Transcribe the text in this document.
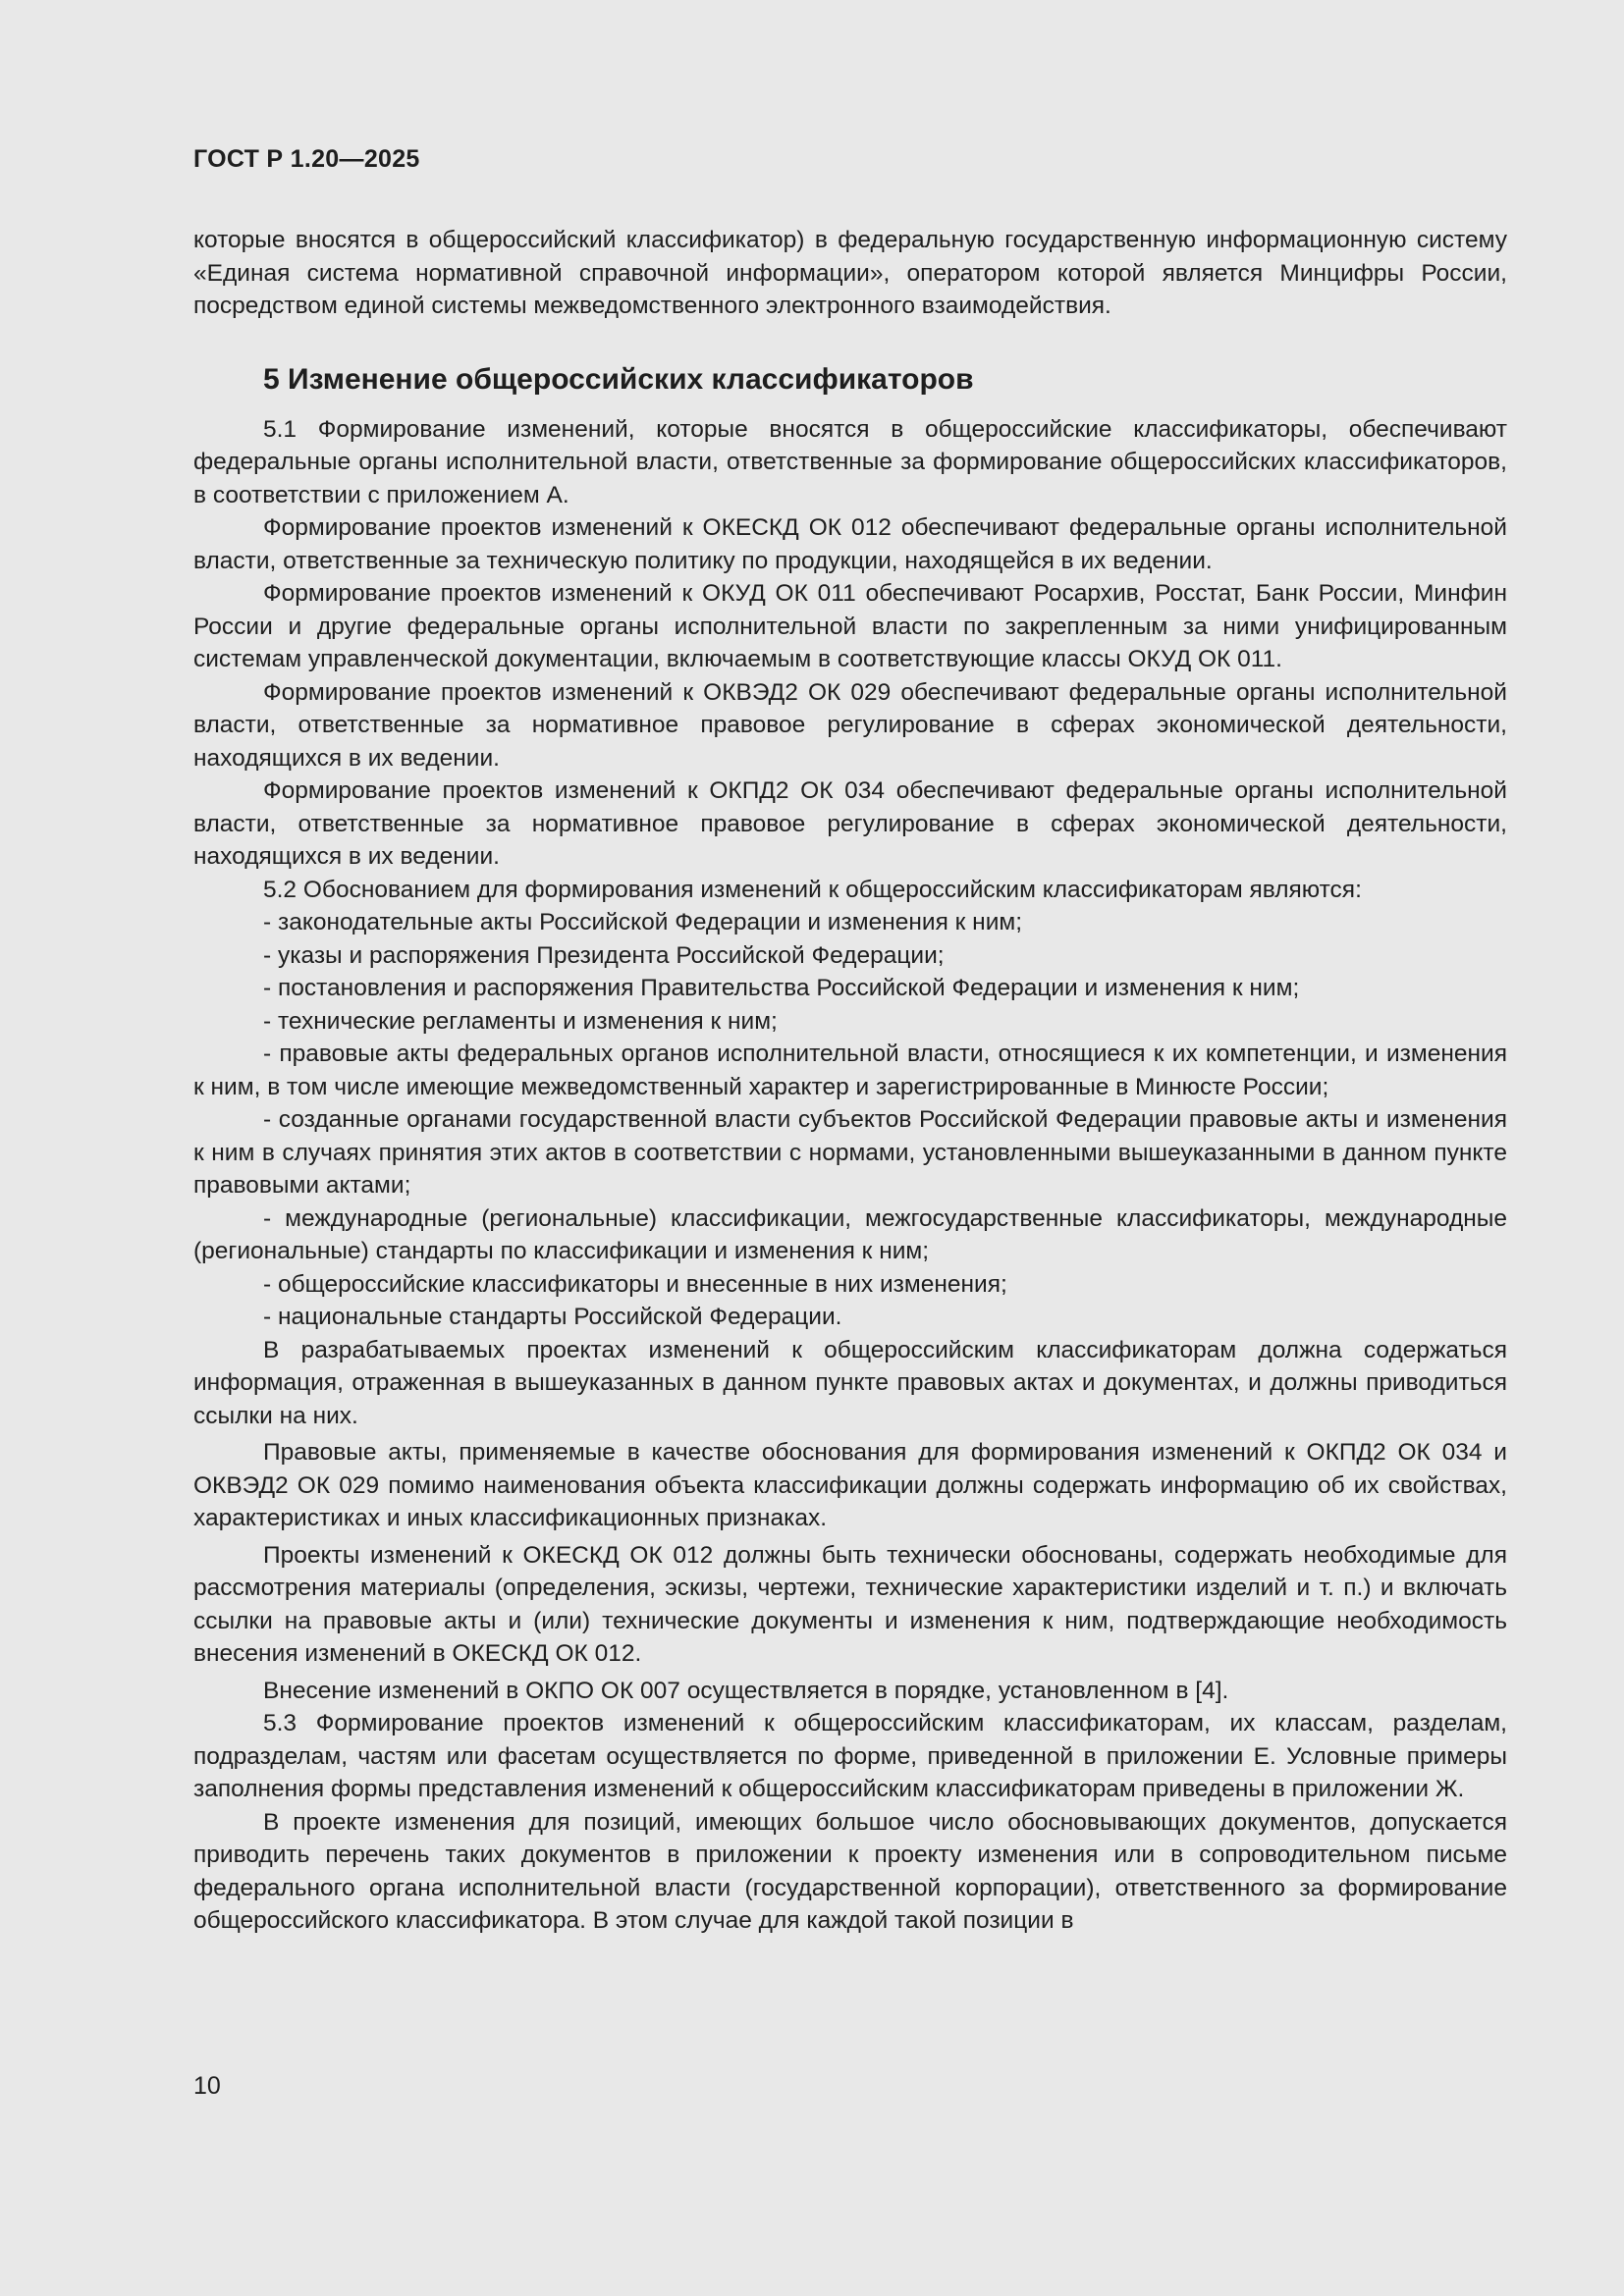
ГОСТ Р 1.20—2025

которые вносятся в общероссийский классификатор) в федеральную государственную информационную систему «Единая система нормативной справочной информации», оператором которой является Минцифры России, посредством единой системы межведомственного электронного взаимодействия.

5 Изменение общероссийских классификаторов

5.1 Формирование изменений, которые вносятся в общероссийские классификаторы, обеспечивают федеральные органы исполнительной власти, ответственные за формирование общероссийских классификаторов, в соответствии с приложением А.

Формирование проектов изменений к ОКЕСКД ОК 012 обеспечивают федеральные органы исполнительной власти, ответственные за техническую политику по продукции, находящейся в их ведении.

Формирование проектов изменений к ОКУД ОК 011 обеспечивают Росархив, Росстат, Банк России, Минфин России и другие федеральные органы исполнительной власти по закрепленным за ними унифицированным системам управленческой документации, включаемым в соответствующие классы ОКУД ОК 011.

Формирование проектов изменений к ОКВЭД2 ОК 029 обеспечивают федеральные органы исполнительной власти, ответственные за нормативное правовое регулирование в сферах экономической деятельности, находящихся в их ведении.

Формирование проектов изменений к ОКПД2 ОК 034 обеспечивают федеральные органы исполнительной власти, ответственные за нормативное правовое регулирование в сферах экономической деятельности, находящихся в их ведении.

5.2 Обоснованием для формирования изменений к общероссийским классификаторам являются:

- законодательные акты Российской Федерации и изменения к ним;

- указы и распоряжения Президента Российской Федерации;

- постановления и распоряжения Правительства Российской Федерации и изменения к ним;

- технические регламенты и изменения к ним;

- правовые акты федеральных органов исполнительной власти, относящиеся к их компетенции, и изменения к ним, в том числе имеющие межведомственный характер и зарегистрированные в Минюсте России;

- созданные органами государственной власти субъектов Российской Федерации правовые акты и изменения к ним в случаях принятия этих актов в соответствии с нормами, установленными вышеуказанными в данном пункте правовыми актами;

- международные (региональные) классификации, межгосударственные классификаторы, международные (региональные) стандарты по классификации и изменения к ним;

- общероссийские классификаторы и внесенные в них изменения;

- национальные стандарты Российской Федерации.

В разрабатываемых проектах изменений к общероссийским классификаторам должна содержаться информация, отраженная в вышеуказанных в данном пункте правовых актах и документах, и должны приводиться ссылки на них.

Правовые акты, применяемые в качестве обоснования для формирования изменений к ОКПД2 ОК 034 и ОКВЭД2 ОК 029 помимо наименования объекта классификации должны содержать информацию об их свойствах, характеристиках и иных классификационных признаках.

Проекты изменений к ОКЕСКД ОК 012 должны быть технически обоснованы, содержать необходимые для рассмотрения материалы (определения, эскизы, чертежи, технические характеристики изделий и т. п.) и включать ссылки на правовые акты и (или) технические документы и изменения к ним, подтверждающие необходимость внесения изменений в ОКЕСКД ОК 012.

Внесение изменений в ОКПО ОК 007 осуществляется в порядке, установленном в [4].

5.3 Формирование проектов изменений к общероссийским классификаторам, их классам, разделам, подразделам, частям или фасетам осуществляется по форме, приведенной в приложении Е. Условные примеры заполнения формы представления изменений к общероссийским классификаторам приведены в приложении Ж.

В проекте изменения для позиций, имеющих большое число обосновывающих документов, допускается приводить перечень таких документов в приложении к проекту изменения или в сопроводительном письме федерального органа исполнительной власти (государственной корпорации), ответственного за формирование общероссийского классификатора. В этом случае для каждой такой позиции в

10
